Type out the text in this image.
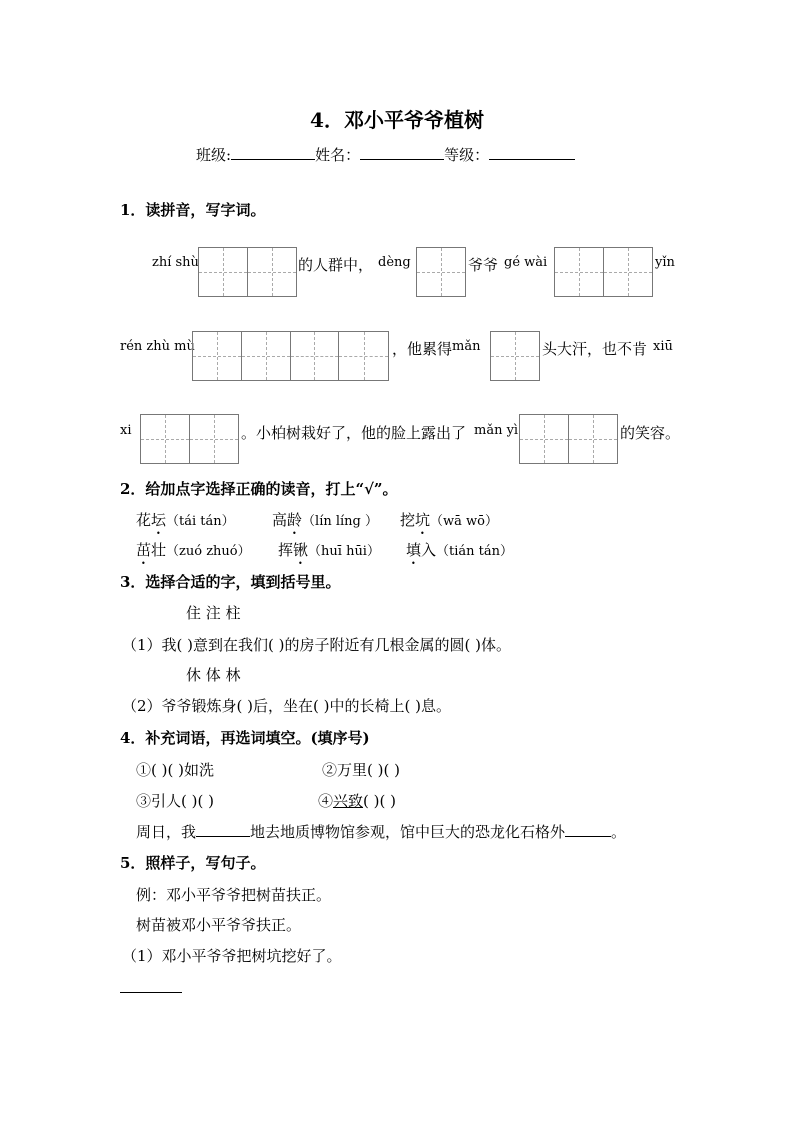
4．邓小平爷爷植树
班级:	姓名：	等级：
1．读拼音，写字词。
zhí shù	的人群中， dèng	爷爷 gé wài	yǐn
rén zhù mù	，他累得 mǎn	头大汗，也不肯 xiū
xi	。小柏树栽好了，他的脸上露出了 mǎn yì	的笑容。
2．给加点字选择正确的读音，打上“√”。
花坛（tái tán） 高龄（lín líng ） 挖坑（wā wō）
茁壮（zuó zhuó） 挥锹（huī hūi） 填入（tián tán）
3．选择合适的字，填到括号里。
住 注 柱
（1）我( )意到在我们( )的房子附近有几根金属的圆( )体。
休 体 林
（2）爷爷锻炼身( )后，坐在( )中的长椅上( )息。
4．补充词语，再选词填空。(填序号)
①( )( )如洗	②万里( )( )
③引人( )( )	④兴致( )( )
周日，我	地去地质博物馆参观，馆中巨大的恐龙化石格外	。
5．照样子，写句子。
例：邓小平爷爷把树苗扶正。
树苗被邓小平爷爷扶正。
（1）邓小平爷爷把树坑挖好了。
